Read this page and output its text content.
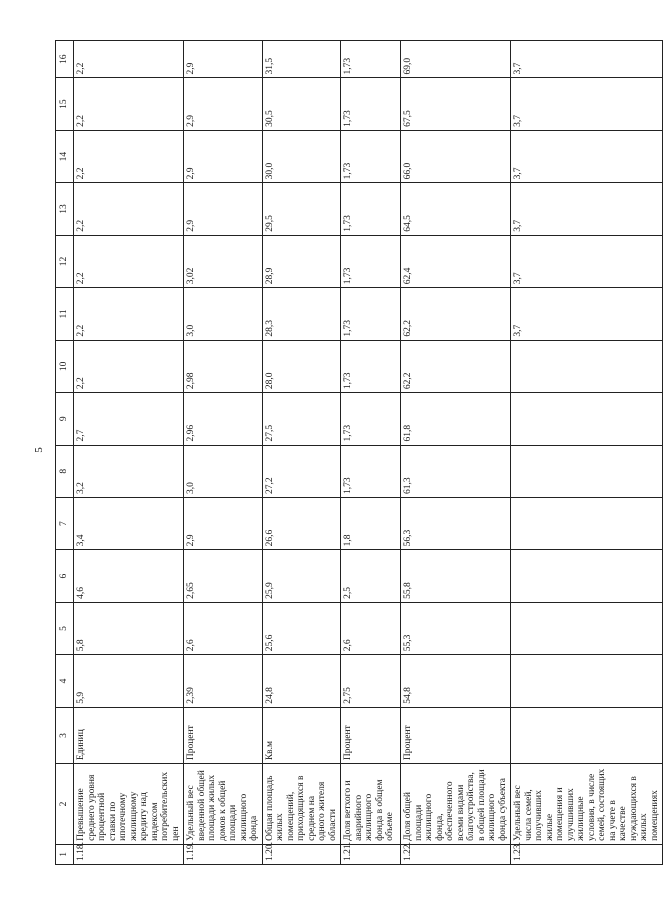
5
1	2	3	4	5	6	7	8	9	10	11	12	13	14	15	16
1.18.	Превышение среднего уровня процентной ставки по ипотечному жилищному кредиту над индексом потребительских цен	Единиц	5,9	5,8	4,6	3,4	3,2	2,7	2,2	2,2	2,2	2,2	2,2	2,2	2,2
1.19.	Удельный вес введенной общей площади жилых домов к общей площади жилищного фонда	Процент	2,39	2,6	2,65	2,9	3,0	2,96	2,98	3,0	3,02	2,9	2,9	2,9	2,9
1.20.	Общая площадь жилых помещений, приходящихся в среднем на одного жителя области	Кв.м	24,8	25,6	25,9	26,6	27,2	27,5	28,0	28,3	28,9	29,5	30,0	30,5	31,5
1.21.	Доля ветхого и аварийного жилищного фонда в общем объеме	Процент	2,75	2,6	2,5	1,8	1,73	1,73	1,73	1,73	1,73	1,73	1,73	1,73	1,73
1.22.	Доля общей площади жилищного фонда, обеспеченного всеми видами благоустройства, в общей площади жилищного фонда субъекта	Процент	54,8	55,3	55,8	56,3	61,3	61,8	62,2	62,2	62,4	64,5	66,0	67,5	69,0
1.23.	Удельный вес числа семей, получивших жилые помещения и улучшивших жилищные условия, в числе семей, состоящих на учете в качестве нуждающихся в жилых помещениях									3,7	3,7	3,7	3,7	3,7	3,7
